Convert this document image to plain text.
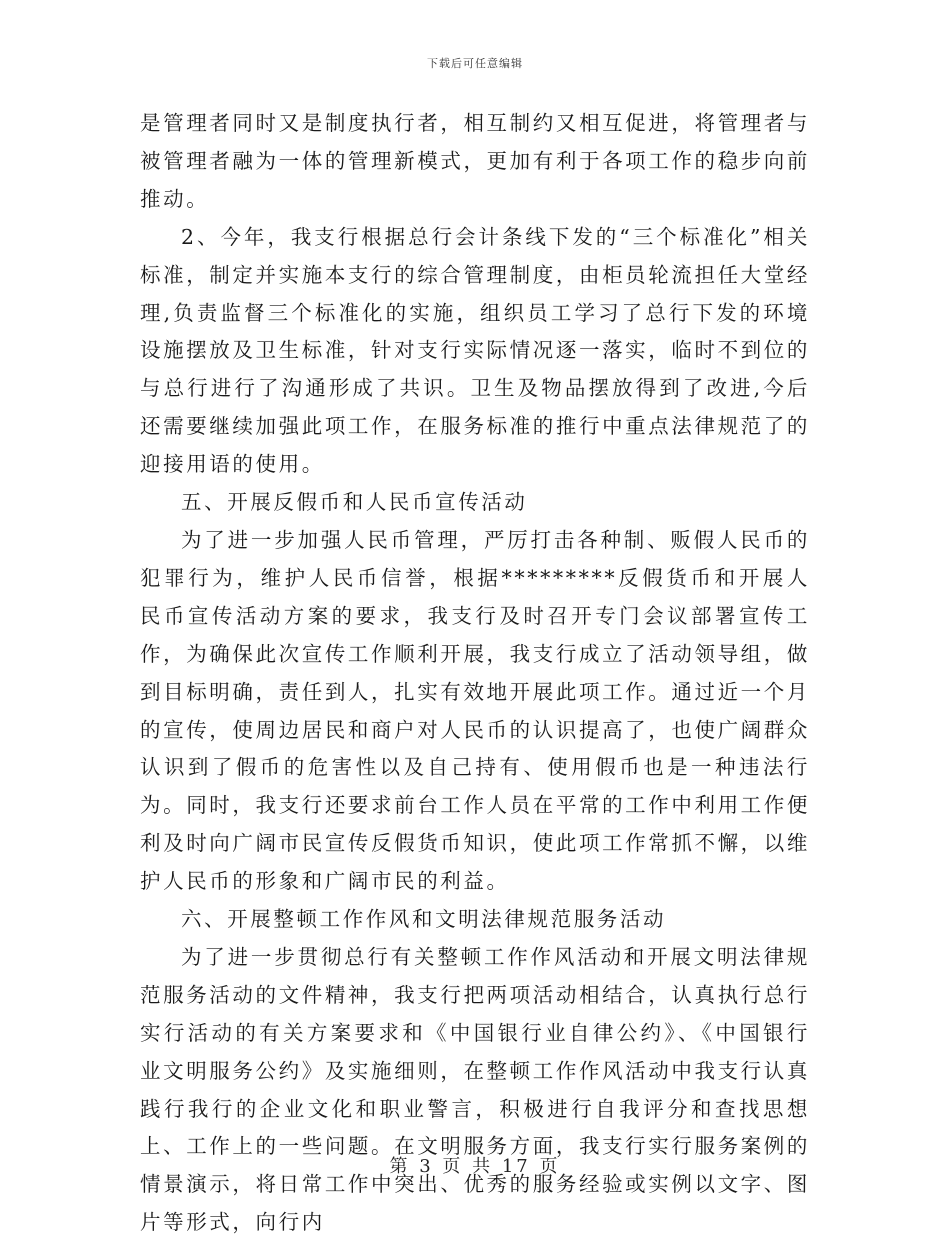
下载后可任意编辑

是管理者同时又是制度执行者，相互制约又相互促进，将管理者与被管理者融为一体的管理新模式，更加有利于各项工作的稳步向前推动。

2、今年，我支行根据总行会计条线下发的“三个标准化”相关标准，制定并实施本支行的综合管理制度，由柜员轮流担任大堂经理,负责监督三个标准化的实施，组织员工学习了总行下发的环境设施摆放及卫生标准，针对支行实际情况逐一落实，临时不到位的与总行进行了沟通形成了共识。卫生及物品摆放得到了改进,今后还需要继续加强此项工作，在服务标准的推行中重点法律规范了的迎接用语的使用。

五、开展反假币和人民币宣传活动

为了进一步加强人民币管理，严厉打击各种制、贩假人民币的犯罪行为，维护人民币信誉，根据*********反假货币和开展人民币宣传活动方案的要求，我支行及时召开专门会议部署宣传工作，为确保此次宣传工作顺利开展，我支行成立了活动领导组，做到目标明确，责任到人，扎实有效地开展此项工作。通过近一个月的宣传，使周边居民和商户对人民币的认识提高了，也使广阔群众认识到了假币的危害性以及自己持有、使用假币也是一种违法行为。同时，我支行还要求前台工作人员在平常的工作中利用工作便利及时向广阔市民宣传反假货币知识，使此项工作常抓不懈，以维护人民币的形象和广阔市民的利益。

六、开展整顿工作作风和文明法律规范服务活动

为了进一步贯彻总行有关整顿工作作风活动和开展文明法律规范服务活动的文件精神，我支行把两项活动相结合，认真执行总行实行活动的有关方案要求和《中国银行业自律公约》、《中国银行业文明服务公约》及实施细则，在整顿工作作风活动中我支行认真践行我行的企业文化和职业警言，积极进行自我评分和查找思想上、工作上的一些问题。在文明服务方面，我支行实行服务案例的情景演示，将日常工作中突出、优秀的服务经验或实例以文字、图片等形式，向行内

第 3 页 共 17 页
